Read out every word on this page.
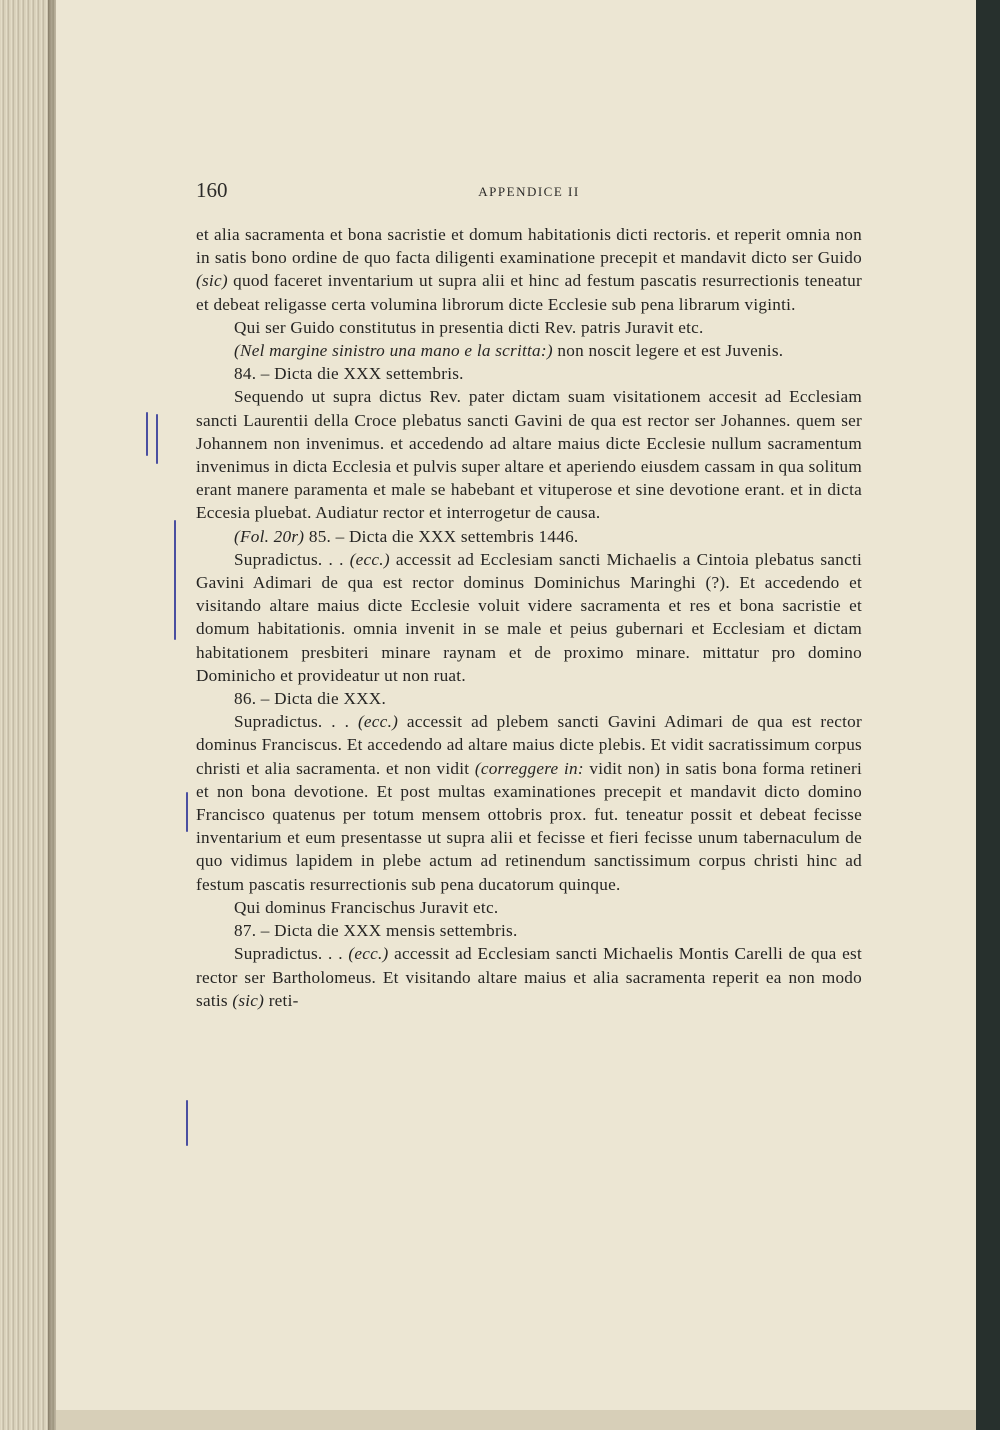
160	APPENDICE II

et alia sacramenta et bona sacristie et domum habitationis dicti rectoris. et reperit omnia non in satis bono ordine de quo facta diligenti examinatione precepit et mandavit dicto ser Guido (sic) quod faceret inventarium ut supra alii et hinc ad festum pascatis resurrectionis teneatur et debeat religasse certa volumina librorum dicte Ecclesie sub pena librarum viginti.

Qui ser Guido constitutus in presentia dicti Rev. patris Juravit etc.

(Nel margine sinistro una mano e la scritta:) non noscit legere et est Juvenis.

84. – Dicta die XXX settembris.

Sequendo ut supra dictus Rev. pater dictam suam visitationem accesit ad Ecclesiam sancti Laurentii della Croce plebatus sancti Gavini de qua est rector ser Johannes. quem ser Johannem non invenimus. et accedendo ad altare maius dicte Ecclesie nullum sacramentum invenimus in dicta Ecclesia et pulvis super altare et aperiendo eiusdem cassam in qua solitum erant manere paramenta et male se habebant et vituperose et sine devotione erant. et in dicta Eccesia pluebat. Audiatur rector et interrogetur de causa.

(Fol. 20r) 85. – Dicta die XXX settembris 1446.

Supradictus. . . (ecc.) accessit ad Ecclesiam sancti Michaelis a Cintoia plebatus sancti Gavini Adimari de qua est rector dominus Dominichus Maringhi (?). Et accedendo et visitando altare maius dicte Ecclesie voluit videre sacramenta et res et bona sacristie et domum habitationis. omnia invenit in se male et peius gubernari et Ecclesiam et dictam habitationem presbiteri minare raynam et de proximo minare. mittatur pro domino Dominicho et provideatur ut non ruat.

86. – Dicta die XXX.

Supradictus. . . (ecc.) accessit ad plebem sancti Gavini Adimari de qua est rector dominus Franciscus. Et accedendo ad altare maius dicte plebis. Et vidit sacratissimum corpus christi et alia sacramenta. et non vidit (correggere in: vidit non) in satis bona forma retineri et non bona devotione. Et post multas examinationes precepit et mandavit dicto domino Franciscо quatenus per totum mensem ottobris prox. fut. teneatur possit et debeat fecisse inventarium et eum presentasse ut supra alii et fecisse et fieri fecisse unum tabernaculum de quo vidimus lapidem in plebe actum ad retinendum sanctissimum corpus christi hinc ad festum pascatis resurrectionis sub pena ducatorum quinque.

Qui dominus Francischus Juravit etc.

87. – Dicta die XXX mensis settembris.

Supradictus. . . (ecc.) accessit ad Ecclesiam sancti Michaelis Montis Carelli de qua est rector ser Bartholomeus. Et visitando altare maius et alia sacramenta reperit ea non modo satis (sic) reti-
